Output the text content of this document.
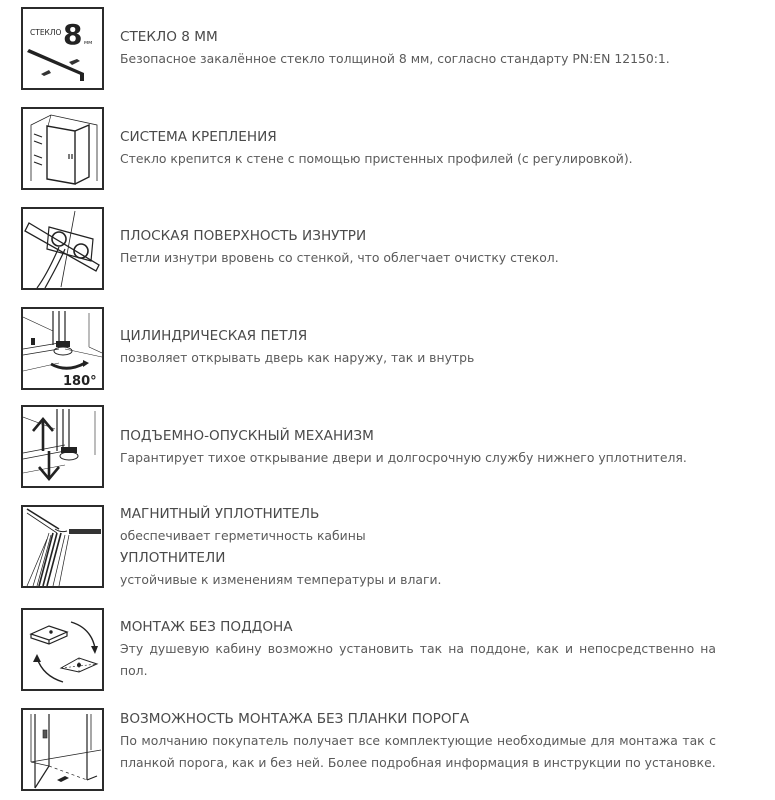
СТЕКЛО 8 мм СТЕКЛО 8 ММ
Безопасное закалённое стекло толщиной 8 мм, согласно стандарту PN:EN 12150:1.
СИСТЕМА КРЕПЛЕНИЯ
Стекло крепится к стене с помощью пристенных профилей (с регулировкой).
ПЛОСКАЯ ПОВЕРХНОСТЬ ИЗНУТРИ
Петли изнутри вровень со стенкой, что облегчает очистку стекол.
180°
ЦИЛИНДРИЧЕСКАЯ ПЕТЛЯ
позволяет открывать дверь как наружу, так и внутрь
ПОДЪЕМНО-ОПУСКНЫЙ МЕХАНИЗМ
Гарантирует тихое открывание двери и долгосрочную службу нижнего уплотнителя.
МАГНИТНЫЙ УПЛОТНИТЕЛЬ
обеспечивает герметичность кабины
УПЛОТНИТЕЛИ
устойчивые к изменениям температуры и влаги.
МОНТАЖ БЕЗ ПОДДОНА
Эту душевую кабину возможно установить так на поддоне, как и непосредственно на пол.
ВОЗМОЖНОСТЬ МОНТАЖА БЕЗ ПЛАНКИ ПОРОГА
По молчанию покупатель получает все комплектующие необходимые для монтажа так с планкой порога, как и без ней. Более подробная информация в инструкции по установке.
